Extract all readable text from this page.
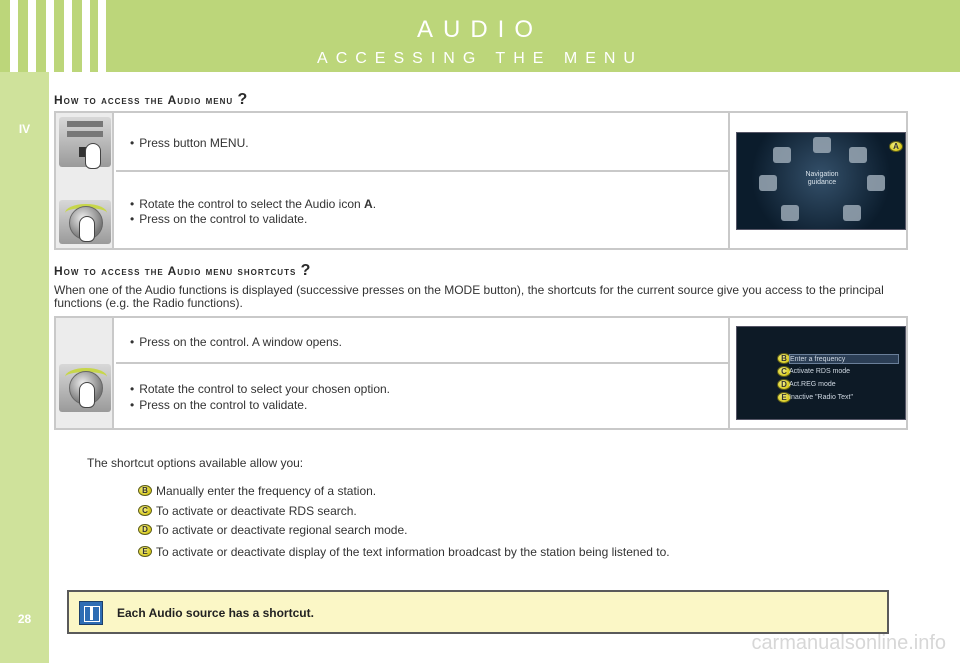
AUDIO
ACCESSING THE MENU
IV
28
How to access the Audio menu ?
• Press button MENU.
• Rotate the control to select the Audio icon A.
• Press on the control to validate.
Navigation guidance
A
How to access the Audio menu shortcuts ?
When one of the Audio functions is displayed (successive presses on the MODE button), the shortcuts for the current source give you access to the principal functions (e.g. the Radio functions).
• Press on the control. A window opens.
• Rotate the control to select your chosen option.
• Press on the control to validate.
B Enter a frequency
C Activate RDS mode
D Act.REG mode
E Inactive "Radio Text"
The shortcut options available allow you:
B Manually enter the frequency of a station.
C To activate or deactivate RDS search.
D To activate or deactivate regional search mode.
E To activate or deactivate display of the text information broadcast by the station being listened to.
Each Audio source has a shortcut.
carmanualsonline.info
